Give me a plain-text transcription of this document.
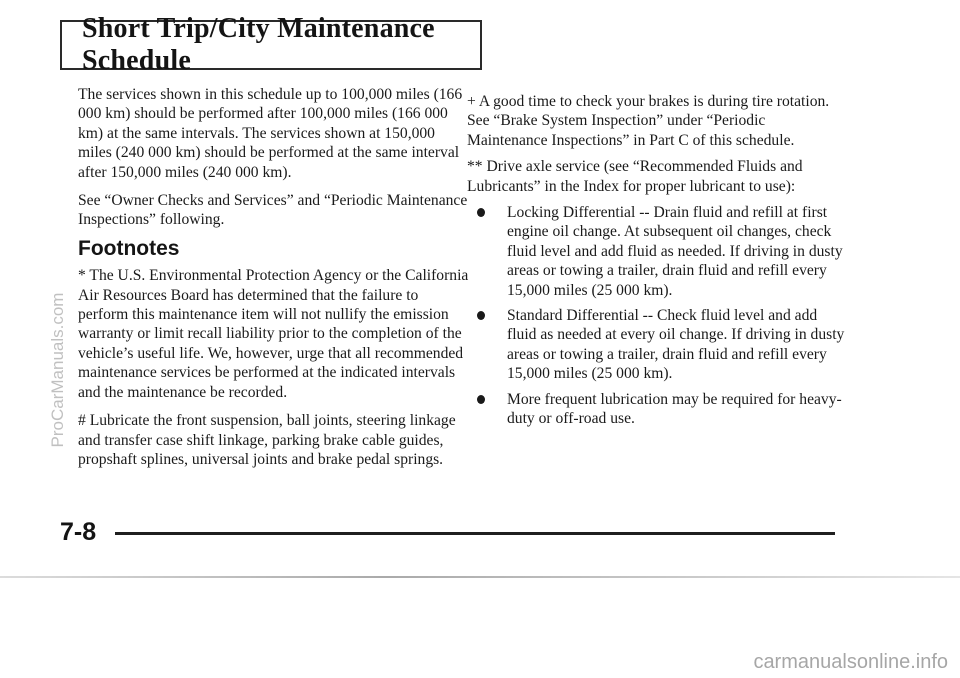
Short Trip/City Maintenance Schedule

The services shown in this schedule up to 100,000 miles (166 000 km) should be performed after 100,000 miles (166 000 km) at the same intervals. The services shown at 150,000 miles (240 000 km) should be performed at the same interval after 150,000 miles (240 000 km).

See “Owner Checks and Services” and “Periodic Maintenance Inspections” following.

Footnotes

* The U.S. Environmental Protection Agency or the California Air Resources Board has determined that the failure to perform this maintenance item will not nullify the emission warranty or limit recall liability prior to the completion of the vehicle’s useful life. We, however, urge that all recommended maintenance services be performed at the indicated intervals and the maintenance be recorded.

# Lubricate the front suspension, ball joints, steering linkage and transfer case shift linkage, parking brake cable guides, propshaft splines, universal joints and brake pedal springs.

+ A good time to check your brakes is during tire rotation. See “Brake System Inspection” under “Periodic Maintenance Inspections” in Part C of this schedule.

** Drive axle service (see “Recommended Fluids and Lubricants” in the Index for proper lubricant to use):

Locking Differential -- Drain fluid and refill at first engine oil change. At subsequent oil changes, check fluid level and add fluid as needed. If driving in dusty areas or towing a trailer, drain fluid and refill every 15,000 miles (25 000 km).
Standard Differential -- Check fluid level and add fluid as needed at every oil change. If driving in dusty areas or towing a trailer, drain fluid and refill every 15,000 miles (25 000 km).
More frequent lubrication may be required for heavy-duty or off-road use.
7-8
ProCarManuals.com
carmanualsonline.info
